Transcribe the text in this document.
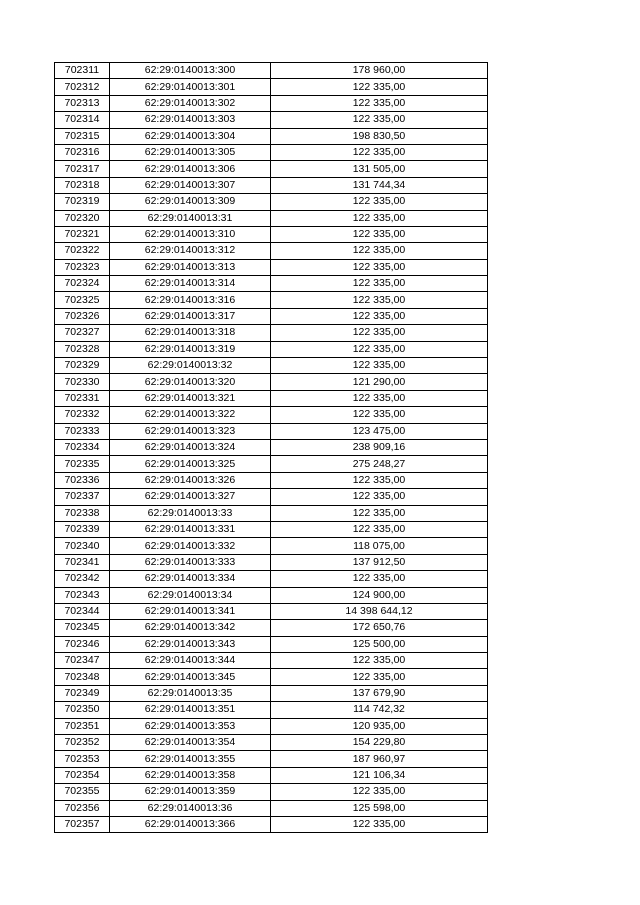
702311	62:29:0140013:300	178 960,00
702312	62:29:0140013:301	122 335,00
702313	62:29:0140013:302	122 335,00
702314	62:29:0140013:303	122 335,00
702315	62:29:0140013:304	198 830,50
702316	62:29:0140013:305	122 335,00
702317	62:29:0140013:306	131 505,00
702318	62:29:0140013:307	131 744,34
702319	62:29:0140013:309	122 335,00
702320	62:29:0140013:31	122 335,00
702321	62:29:0140013:310	122 335,00
702322	62:29:0140013:312	122 335,00
702323	62:29:0140013:313	122 335,00
702324	62:29:0140013:314	122 335,00
702325	62:29:0140013:316	122 335,00
702326	62:29:0140013:317	122 335,00
702327	62:29:0140013:318	122 335,00
702328	62:29:0140013:319	122 335,00
702329	62:29:0140013:32	122 335,00
702330	62:29:0140013:320	121 290,00
702331	62:29:0140013:321	122 335,00
702332	62:29:0140013:322	122 335,00
702333	62:29:0140013:323	123 475,00
702334	62:29:0140013:324	238 909,16
702335	62:29:0140013:325	275 248,27
702336	62:29:0140013:326	122 335,00
702337	62:29:0140013:327	122 335,00
702338	62:29:0140013:33	122 335,00
702339	62:29:0140013:331	122 335,00
702340	62:29:0140013:332	118 075,00
702341	62:29:0140013:333	137 912,50
702342	62:29:0140013:334	122 335,00
702343	62:29:0140013:34	124 900,00
702344	62:29:0140013:341	14 398 644,12
702345	62:29:0140013:342	172 650,76
702346	62:29:0140013:343	125 500,00
702347	62:29:0140013:344	122 335,00
702348	62:29:0140013:345	122 335,00
702349	62:29:0140013:35	137 679,90
702350	62:29:0140013:351	114 742,32
702351	62:29:0140013:353	120 935,00
702352	62:29:0140013:354	154 229,80
702353	62:29:0140013:355	187 960,97
702354	62:29:0140013:358	121 106,34
702355	62:29:0140013:359	122 335,00
702356	62:29:0140013:36	125 598,00
702357	62:29:0140013:366	122 335,00
